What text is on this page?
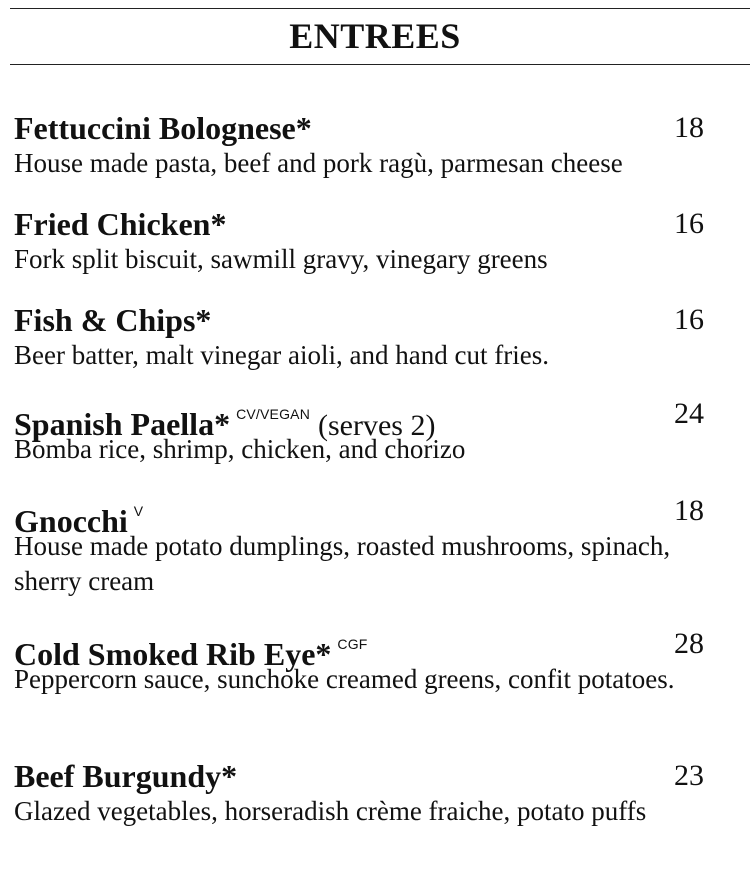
ENTREES
Fettuccini Bolognese*	18
House made pasta, beef and pork ragù, parmesan cheese
Fried Chicken*	16
Fork split biscuit, sawmill gravy, vinegary greens
Fish & Chips*	16
Beer batter, malt vinegar aioli, and hand cut fries.
Spanish Paella* $^{CV/VEGAN}$ (serves 2)	24
Bomba rice, shrimp, chicken, and chorizo
Gnocchi $^V$	18
House made potato dumplings, roasted mushrooms, spinach, sherry cream
Cold Smoked Rib Eye* $^{CGF}$	28
Peppercorn sauce, sunchoke creamed greens, confit potatoes.
Beef Burgundy*	23
Glazed vegetables, horseradish crème fraiche, potato puffs
